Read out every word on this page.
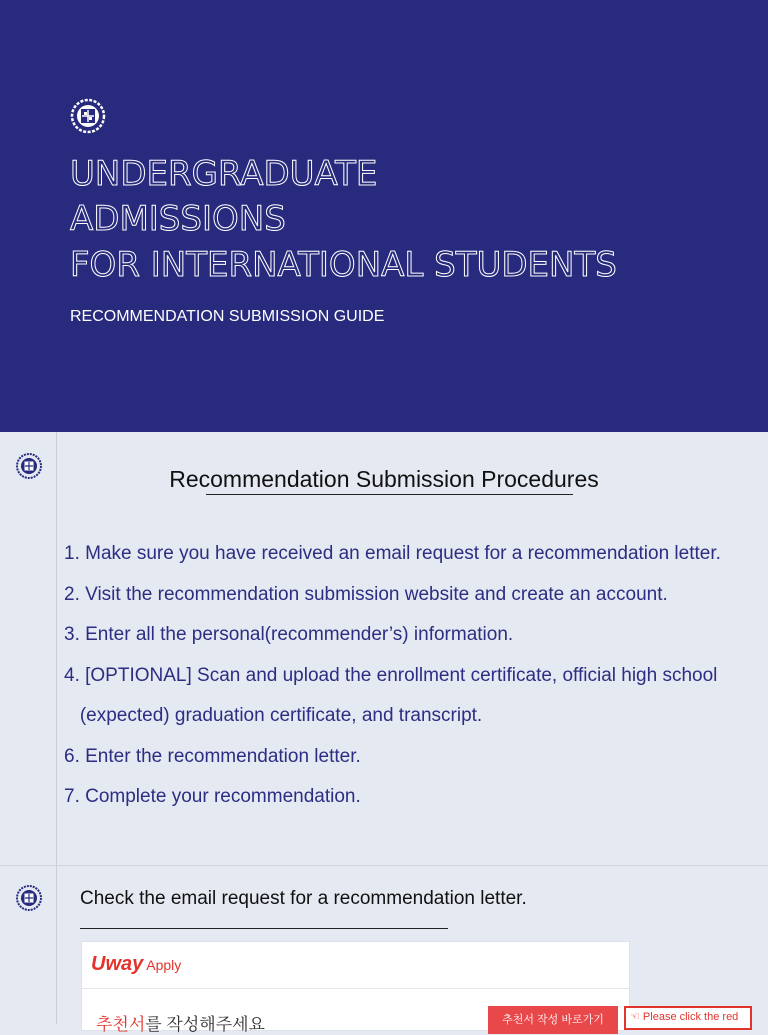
UNDERGRADUATE
ADMISSIONS
FOR INTERNATIONAL STUDENTS
RECOMMENDATION SUBMISSION GUIDE
Recommendation Submission Procedures
1. Make sure you have received an email request for a recommendation letter.
2. Visit the recommendation submission website and create an account.
3. Enter all the personal(recommender’s) information.
4. [OPTIONAL] Scan and upload the enrollment certificate, official high school
(expected) graduation certificate, and transcript.
6. Enter the recommendation letter.
7. Complete your recommendation.
Check the email request for a recommendation letter.
Uway Apply
추천서를 작성해주세요	추천서 작성 바로가기	☜ Please click the red
